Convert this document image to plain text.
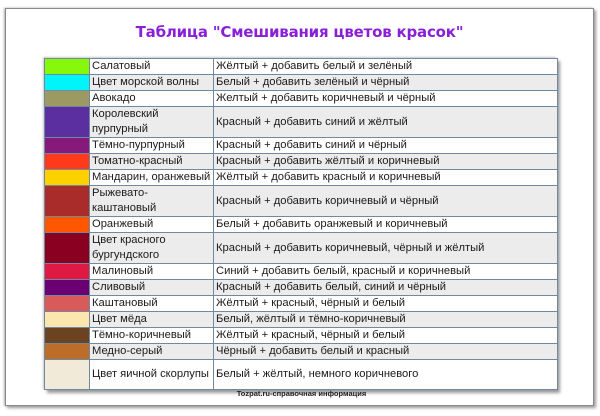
Таблица "Смешивания цветов красок"
	Салатовый	Жёлтый + добавить белый и зелёный

	Цвет морской волны	Белый + добавить зелёный и чёрный

	Авокадо	Желтый + добавить коричневый и чёрный

	Королевский пурпурный	Красный + добавить синий и жёлтый

	Тёмно-пурпурный	Красный + добавить синий и чёрный

	Томатно-красный	Красный + добавить жёлтый и коричневый

	Мандарин, оранжевый	Жёлтый + добавить красный и коричневый

	Рыжевато-каштановый	Красный + добавить коричневый и чёрный

	Оранжевый	Белый + добавить оранжевый и коричневый

	Цвет красного бургундского	Красный + добавить коричневый, чёрный и жёлтый

	Малиновый	Синий + добавить белый, красный и коричневый

	Сливовый	Красный + добавить белый, синий и чёрный

	Каштановый	Жёлтый + красный, чёрный и белый

	Цвет мёда	Белый, жёлтый и тёмно-коричневый

	Тёмно-коричневый	Жёлтый + красный, чёрный и белый

	Медно-серый	Чёрный + добавить белый и красный

	Цвет яичной скорлупы	Белый + жёлтый, немного коричневого
Tozpat.ru-справочная информация
